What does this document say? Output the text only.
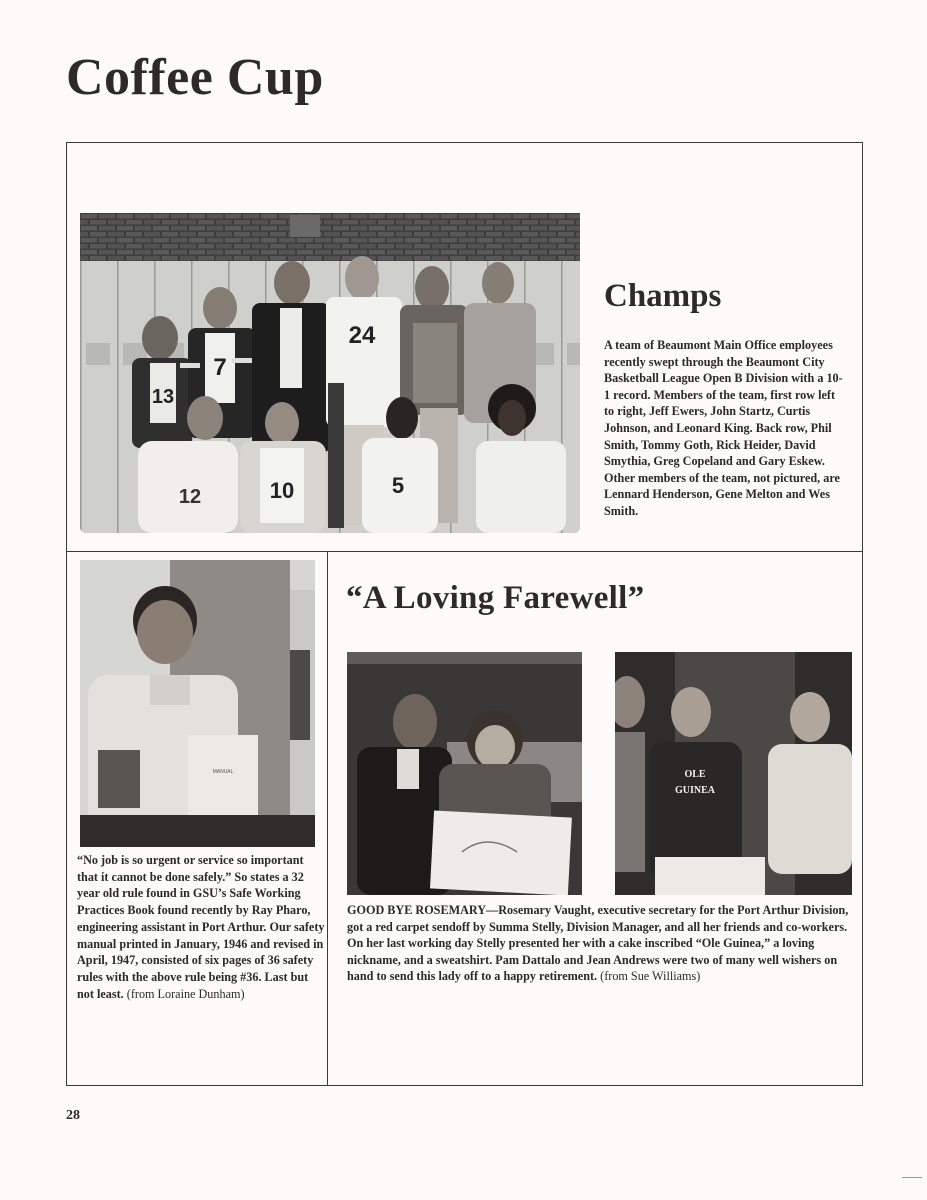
Coffee Cup
13
7
24
12	10	5
Champs
A team of Beaumont Main Office employees recently swept through the Beaumont City Basketball League Open B Division with a 10-1 record. Members of the team, first row left to right, Jeff Ewers, John Startz, Curtis Johnson, and Leonard King. Back row, Phil Smith, Tommy Goth, Rick Heider, David Smythia, Greg Copeland and Gary Eskew. Other members of the team, not pictured, are Lennard Henderson, Gene Melton and Wes Smith.
MANUAL
“No job is so urgent or service so important that it cannot be done safely.” So states a 32 year old rule found in GSU’s Safe Working Practices Book found recently by Ray Pharo, engineering assistant in Port Arthur. Our safety manual printed in January, 1946 and revised in April, 1947, consisted of six pages of 36 safety rules with the above rule being #36. Last but not least. (from Loraine Dunham)
“A Loving Farewell”
OLE
GUINEA
GOOD BYE ROSEMARY—Rosemary Vaught, executive secretary for the Port Arthur Division, got a red carpet sendoff by Summa Stelly, Division Manager, and all her friends and co-workers. On her last working day Stelly presented her with a cake inscribed “Ole Guinea,” a loving nickname, and a sweatshirt. Pam Dattalo and Jean Andrews were two of many well wishers on hand to send this lady off to a happy retirement. (from Sue Williams)
28
